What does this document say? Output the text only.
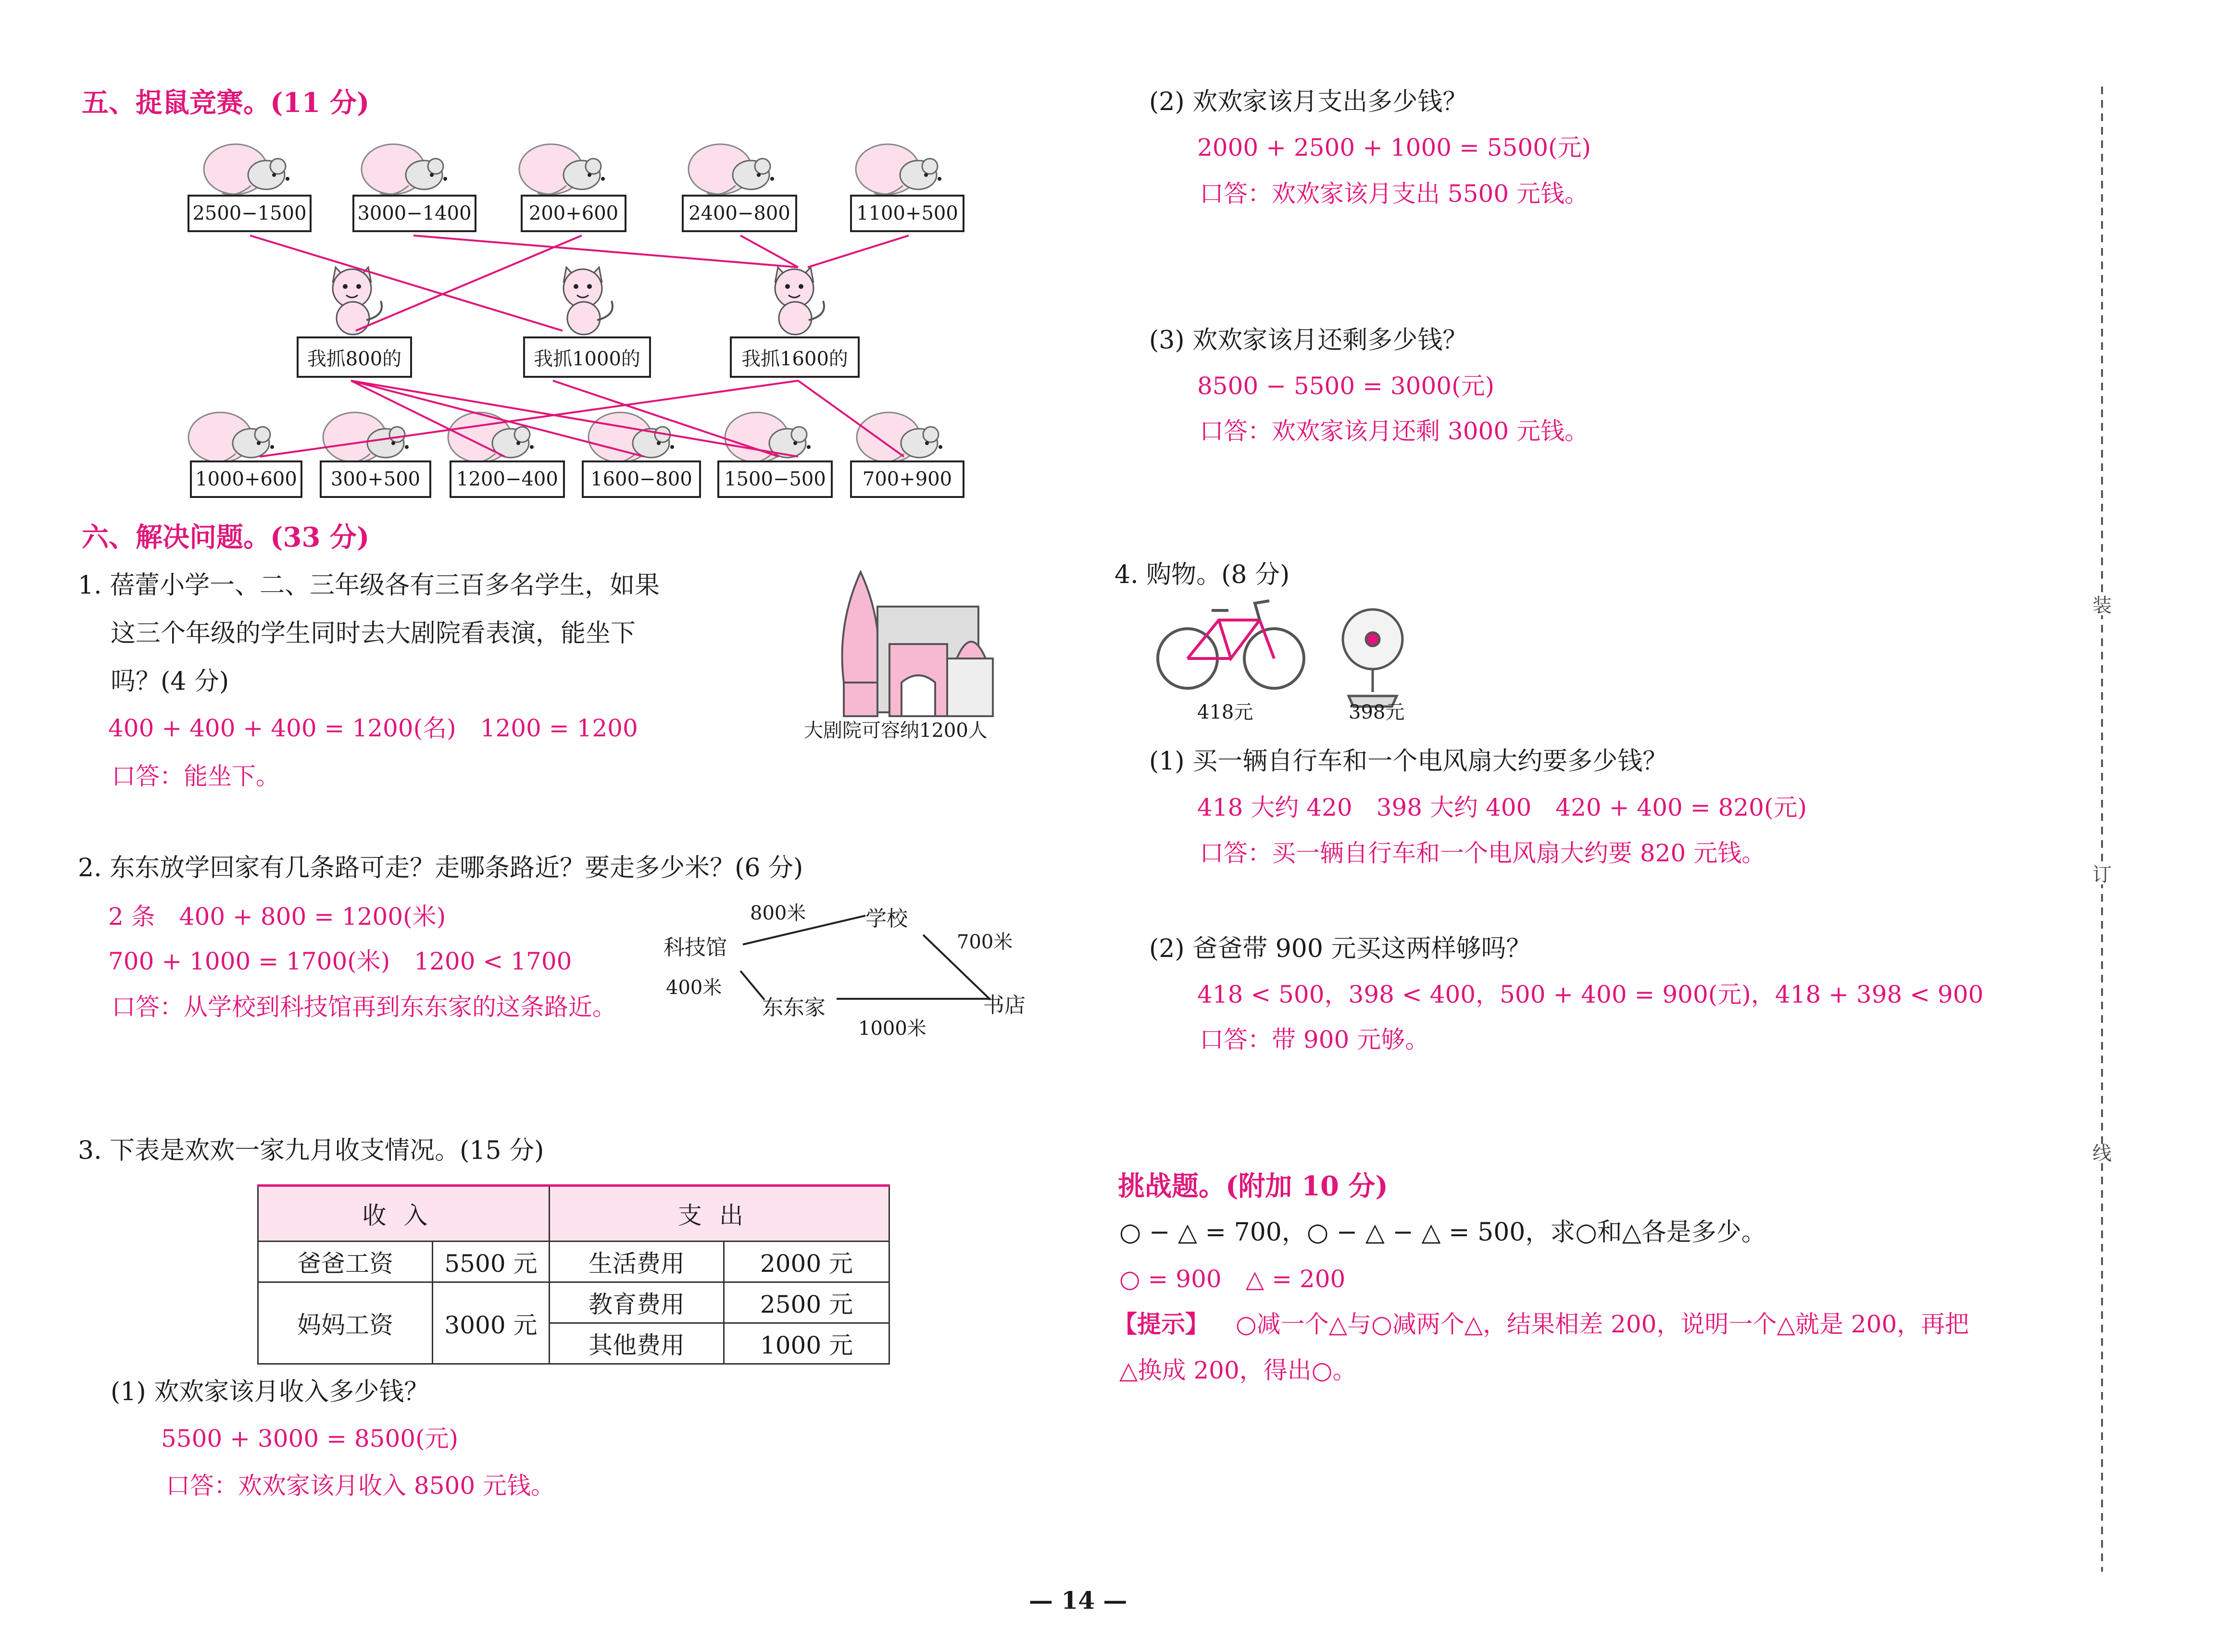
五、捉鼠竞赛。(11 分)
2500−1500	3000−1400	200+600	2400−800	1100+500
我抓800的	我抓1000的	我抓1600的
1000+600	300+500	1200−400	1600−800	1500−500	700+900
六、解决问题。(33 分)
1. 蓓蕾小学一、二、三年级各有三百多名学生，如果
这三个年级的学生同时去大剧院看表演，能坐下
吗？(4 分)
400 + 400 + 400 = 1200(名)　1200 = 1200
口答：能坐下。
大剧院可容纳1200人
2. 东东放学回家有几条路可走？走哪条路近？要走多少米？(6 分)
2 条　400 + 800 = 1200(米)
700 + 1000 = 1700(米)　1200 < 1700
口答：从学校到科技馆再到东东家的这条路近。
科技馆
学校
书店
东东家
800米
700米
400米
1000米
3. 下表是欢欢一家九月收支情况。(15 分)
收入		支出	
爸爸工资	5500 元	生活费用	2000 元
妈妈工资	3000 元	教育费用	2500 元
		其他费用	1000 元
(1) 欢欢家该月收入多少钱？
5500 + 3000 = 8500(元)
口答：欢欢家该月收入 8500 元钱。
(2) 欢欢家该月支出多少钱？
2000 + 2500 + 1000 = 5500(元)
口答：欢欢家该月支出 5500 元钱。
(3) 欢欢家该月还剩多少钱？
8500 − 5500 = 3000(元)
口答：欢欢家该月还剩 3000 元钱。
4. 购物。(8 分)
418元	398元
(1) 买一辆自行车和一个电风扇大约要多少钱？
418 大约 420　398 大约 400　420 + 400 = 820(元)
口答：买一辆自行车和一个电风扇大约要 820 元钱。
(2) 爸爸带 900 元买这两样够吗？
418 < 500，398 < 400，500 + 400 = 900(元)，418 + 398 < 900
口答：带 900 元够。
挑战题。(附加 10 分)
○ − △ = 700，○ − △ − △ = 500，求○和△各是多少。
○ = 900　△ = 200
【提示】 ○减一个△与○减两个△，结果相差 200，说明一个△就是 200，再把
△换成 200，得出○。
装
订
线
— 14 —
